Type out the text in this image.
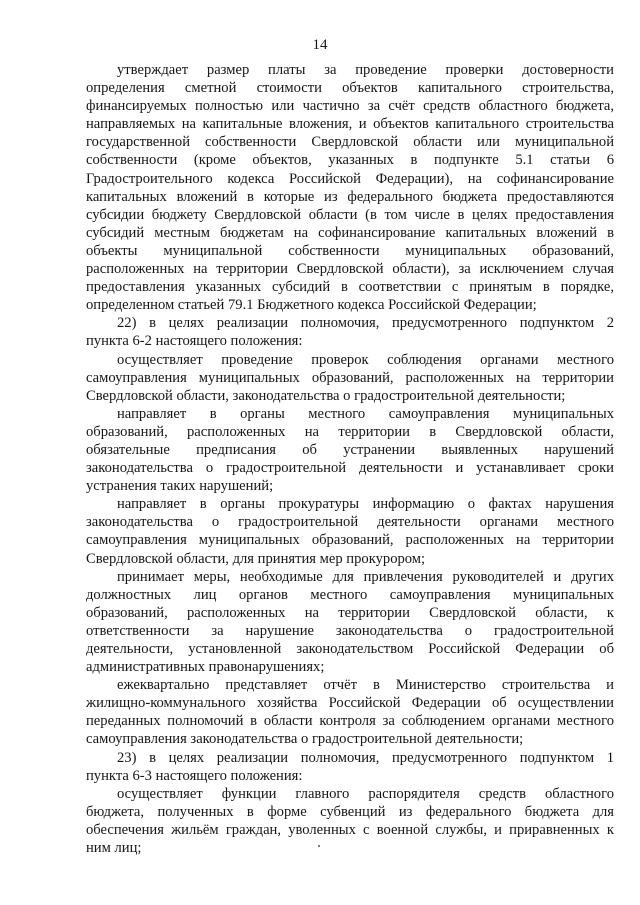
14
утверждает размер платы за проведение проверки достоверности
определения сметной стоимости объектов капитального строительства,
финансируемых полностью или частично за счёт средств областного бюджета,
направляемых на капитальные вложения, и объектов капитального строительства
государственной собственности Свердловской области или муниципальной
собственности (кроме объектов, указанных в подпункте 5.1 статьи 6
Градостроительного кодекса Российской Федерации), на софинансирование
капитальных вложений в которые из федерального бюджета предоставляются
субсидии бюджету Свердловской области (в том числе в целях предоставления
субсидий местным бюджетам на софинансирование капитальных вложений в
объекты муниципальной собственности муниципальных образований,
расположенных на территории Свердловской области), за исключением случая
предоставления указанных субсидий в соответствии с принятым в порядке,
определенном статьей 79.1 Бюджетного кодекса Российской Федерации;
22) в целях реализации полномочия, предусмотренного подпунктом 2
пункта 6-2 настоящего положения:
осуществляет проведение проверок соблюдения органами местного
самоуправления муниципальных образований, расположенных на территории
Свердловской области, законодательства о градостроительной деятельности;
направляет в органы местного самоуправления муниципальных
образований, расположенных на территории в Свердловской области,
обязательные предписания об устранении выявленных нарушений
законодательства о градостроительной деятельности и устанавливает сроки
устранения таких нарушений;
направляет в органы прокуратуры информацию о фактах нарушения
законодательства о градостроительной деятельности органами местного
самоуправления муниципальных образований, расположенных на территории
Свердловской области, для принятия мер прокурором;
принимает меры, необходимые для привлечения руководителей и других
должностных лиц органов местного самоуправления муниципальных
образований, расположенных на территории Свердловской области, к
ответственности за нарушение законодательства о градостроительной
деятельности, установленной законодательством Российской Федерации об
административных правонарушениях;
ежеквартально представляет отчёт в Министерство строительства и
жилищно-коммунального хозяйства Российской Федерации об осуществлении
переданных полномочий в области контроля за соблюдением органами местного
самоуправления законодательства о градостроительной деятельности;
23) в целях реализации полномочия, предусмотренного подпунктом 1
пункта 6-3 настоящего положения:
осуществляет функции главного распорядителя средств областного
бюджета, полученных в форме субвенций из федерального бюджета для
обеспечения жильём граждан, уволенных с военной службы, и приравненных к
ним лиц;
